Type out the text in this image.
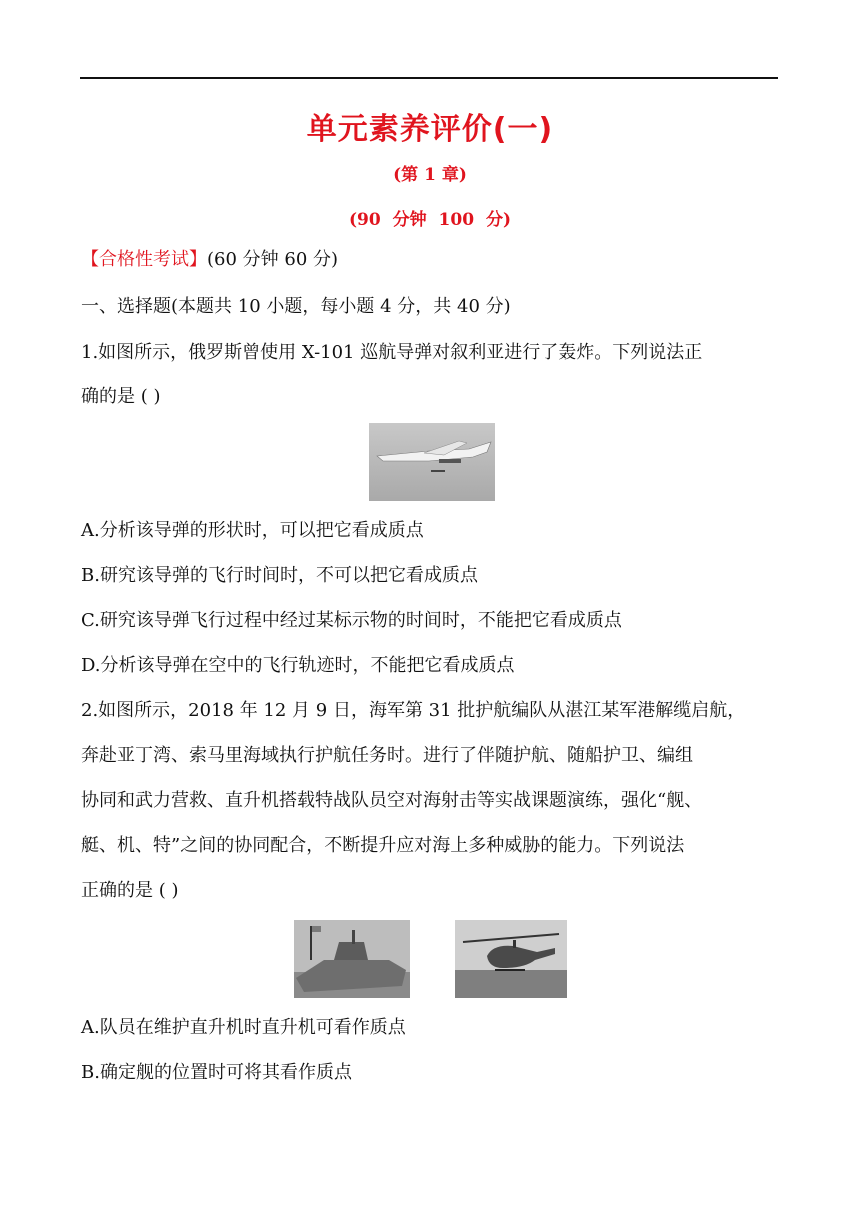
单元素养评价(一)
(第 1 章)
(90 分钟 100 分)
【合格性考试】(60 分钟 60 分)
一、选择题(本题共 10 小题，每小题 4 分，共 40 分)
1.如图所示，俄罗斯曾使用 X-101 巡航导弹对叙利亚进行了轰炸。下列说法正
确的是 ( )
A.分析该导弹的形状时，可以把它看成质点
B.研究该导弹的飞行时间时，不可以把它看成质点
C.研究该导弹飞行过程中经过某标示物的时间时，不能把它看成质点
D.分析该导弹在空中的飞行轨迹时，不能把它看成质点
2.如图所示，2018 年 12 月 9 日，海军第 31 批护航编队从湛江某军港解缆启航，
奔赴亚丁湾、索马里海域执行护航任务时。进行了伴随护航、随船护卫、编组
协同和武力营救、直升机搭载特战队员空对海射击等实战课题演练，强化“舰、
艇、机、特”之间的协同配合，不断提升应对海上多种威胁的能力。下列说法
正确的是 ( )
A.队员在维护直升机时直升机可看作质点
B.确定舰的位置时可将其看作质点
